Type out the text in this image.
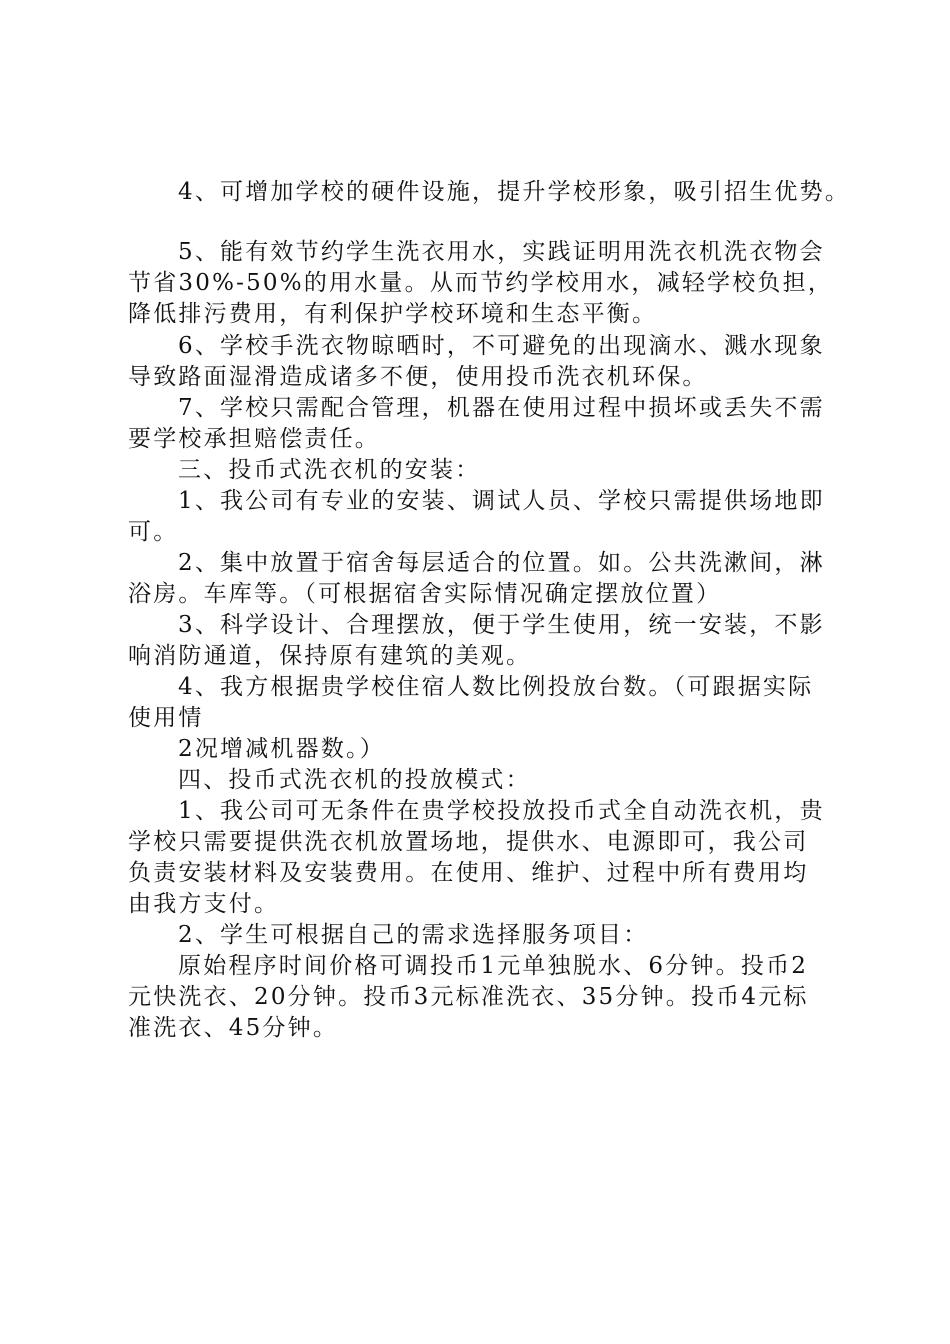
4、可增加学校的硬件设施，提升学校形象，吸引招生优势。

5、能有效节约学生洗衣用水，实践证明用洗衣机洗衣物会

节省30%-50%的用水量。从而节约学校用水，减轻学校负担，

降低排污费用，有利保护学校环境和生态平衡。

6、学校手洗衣物晾晒时，不可避免的出现滴水、溅水现象

导致路面湿滑造成诸多不便，使用投币洗衣机环保。

7、学校只需配合管理，机器在使用过程中损坏或丢失不需

要学校承担赔偿责任。

三、投币式洗衣机的安装：

1、我公司有专业的安装、调试人员、学校只需提供场地即

可。

2、集中放置于宿舍每层适合的位置。如。公共洗漱间，淋

浴房。车库等。（可根据宿舍实际情况确定摆放位置）

3、科学设计、合理摆放，便于学生使用，统一安装，不影

响消防通道，保持原有建筑的美观。

4、我方根据贵学校住宿人数比例投放台数。（可跟据实际

使用情

2况增减机器数。）

四、投币式洗衣机的投放模式：

1、我公司可无条件在贵学校投放投币式全自动洗衣机，贵

学校只需要提供洗衣机放置场地，提供水、电源即可，我公司

负责安装材料及安装费用。在使用、维护、过程中所有费用均

由我方支付。

2、学生可根据自己的需求选择服务项目：

原始程序时间价格可调投币1元单独脱水、6分钟。投币2

元快洗衣、20分钟。投币3元标准洗衣、35分钟。投币4元标

准洗衣、45分钟。
